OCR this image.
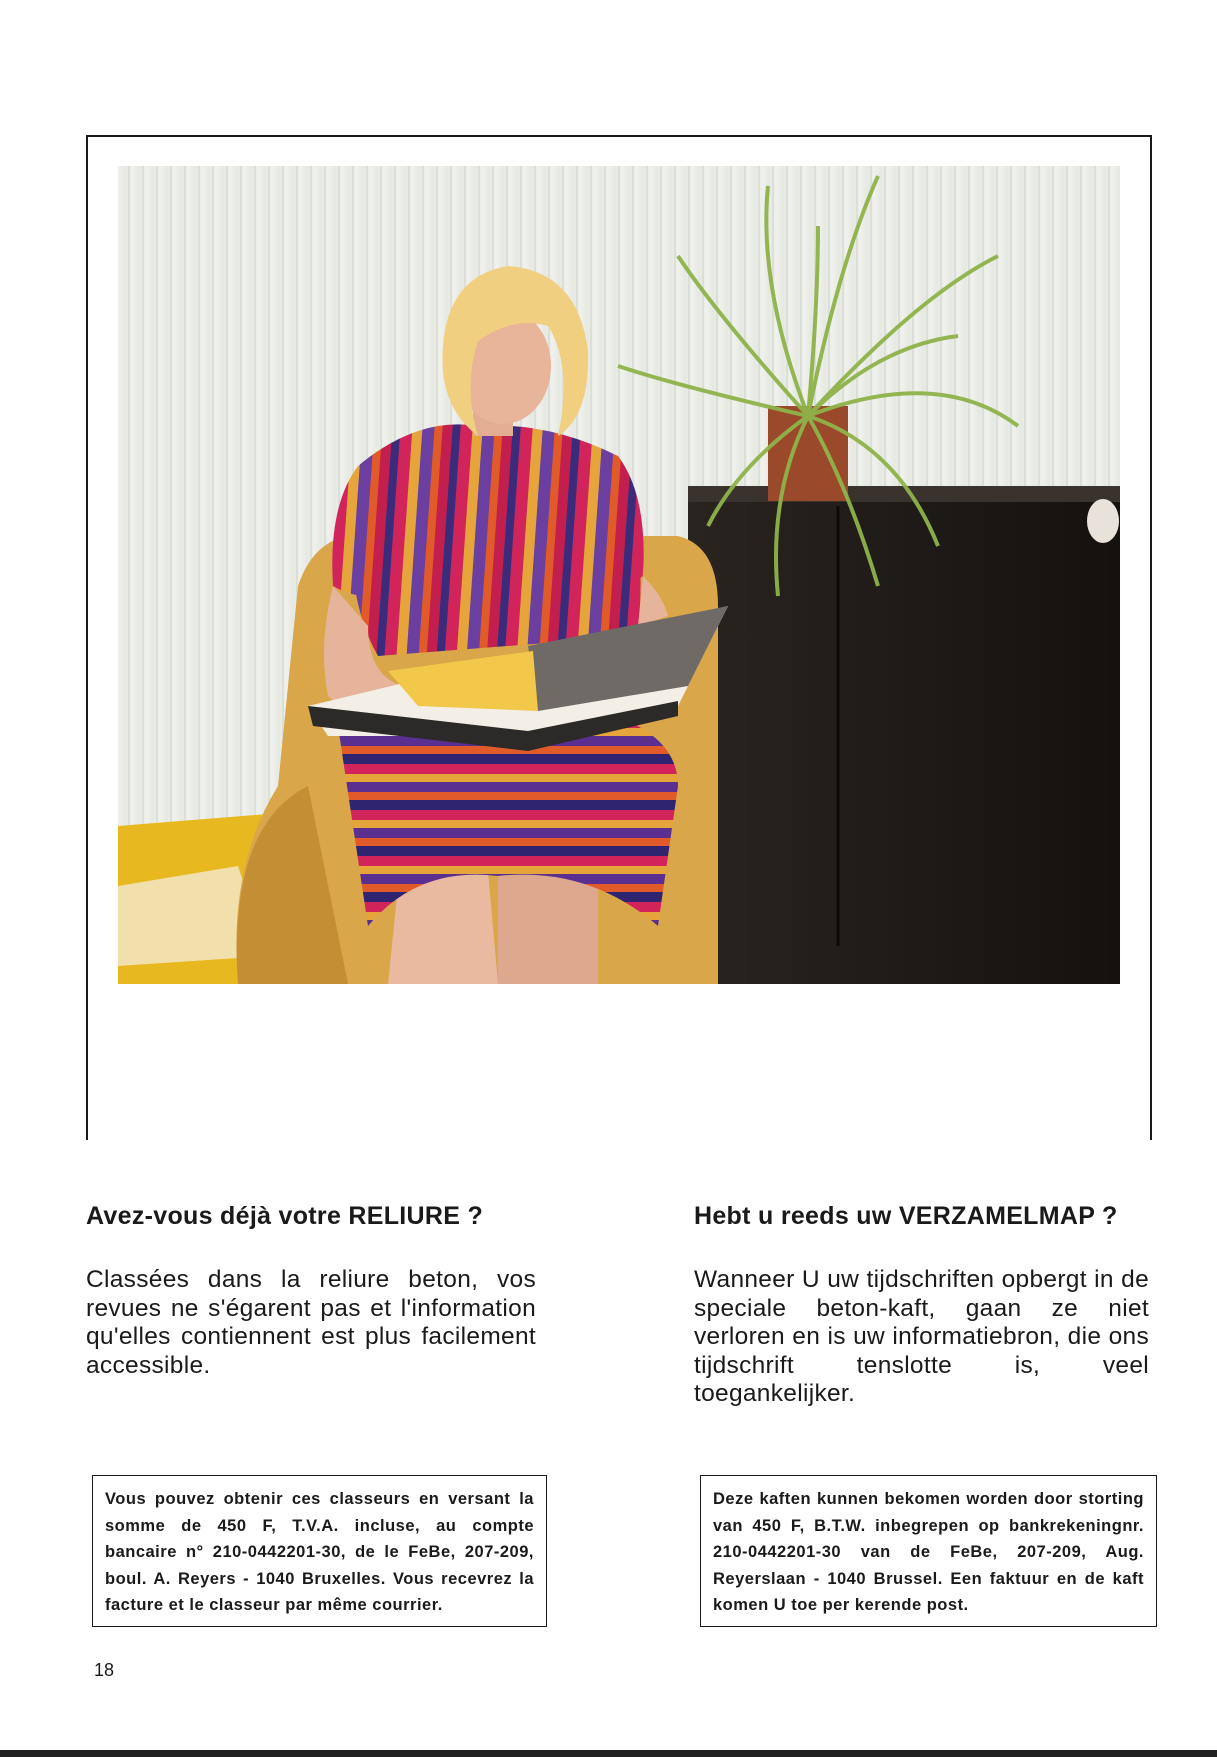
Avez-vous déjà votre RELIURE ?

Classées dans la reliure beton, vos revues ne s'égarent pas et l'information qu'elles contiennent est plus facilement accessible.

Hebt u reeds uw VERZAMELMAP ?

Wanneer U uw tijdschriften opbergt in de speciale beton-kaft, gaan ze niet verloren en is uw informatiebron, die ons tijdschrift tenslotte is, veel toegankelijker.

Vous pouvez obtenir ces classeurs en versant la somme de 450 F, T.V.A. incluse, au compte bancaire n° 210-0442201-30, de le FeBe, 207-209, boul. A. Reyers - 1040 Bruxelles. Vous recevrez la facture et le classeur par même courrier.
Deze kaften kunnen bekomen worden door storting van 450 F, B.T.W. inbegrepen op bankrekeningnr. 210-0442201-30 van de FeBe, 207-209, Aug. Reyerslaan - 1040 Brussel. Een faktuur en de kaft komen U toe per kerende post.
18
